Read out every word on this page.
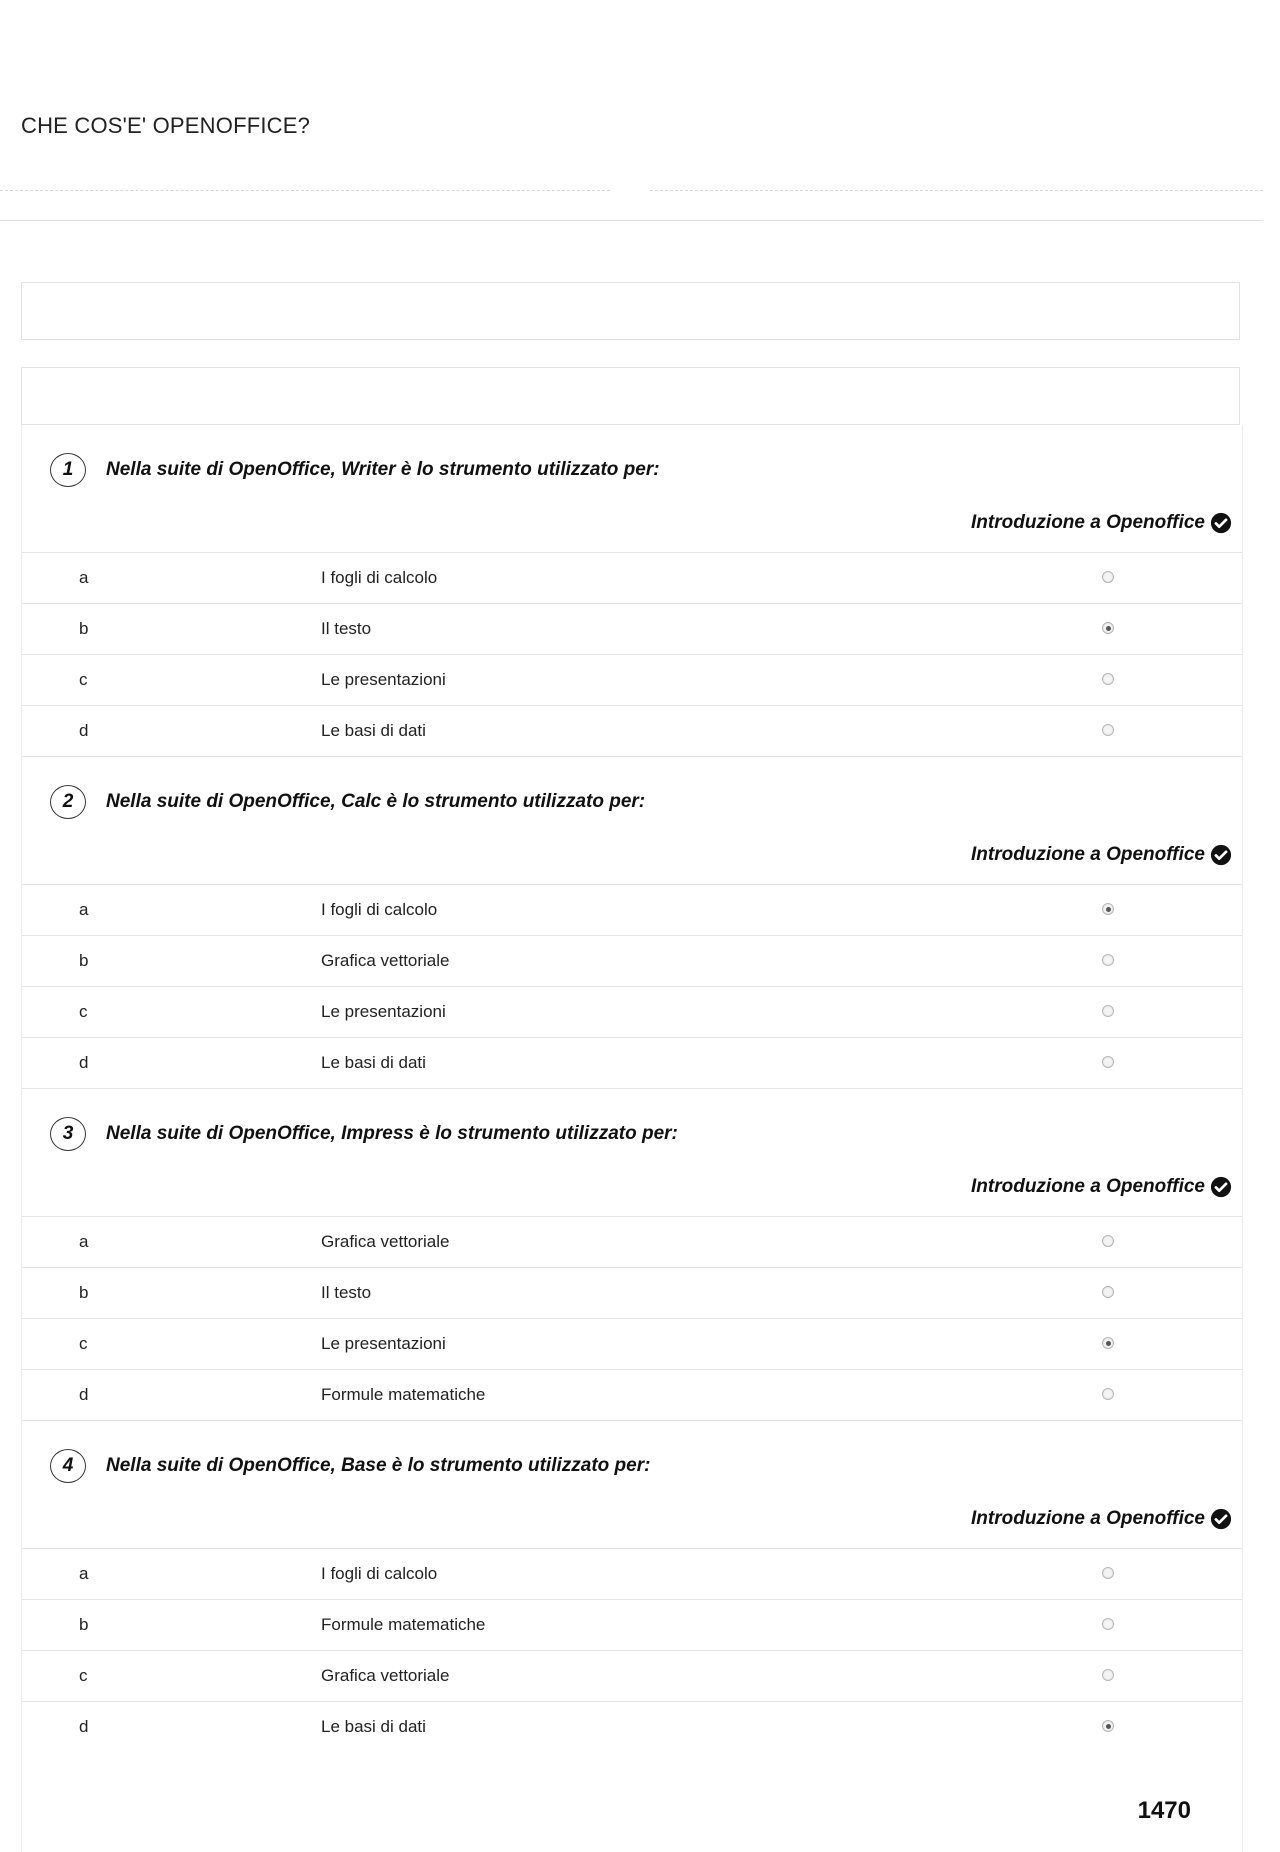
CHE COS'E' OPENOFFICE?
1	Nella suite di OpenOffice, Writer è lo strumento utilizzato per:
Introduzione a Openoffice
a	I fogli di calcolo
b	Il testo
c	Le presentazioni
d	Le basi di dati
2	Nella suite di OpenOffice, Calc è lo strumento utilizzato per:
Introduzione a Openoffice
a	I fogli di calcolo
b	Grafica vettoriale
c	Le presentazioni
d	Le basi di dati
3	Nella suite di OpenOffice, Impress è lo strumento utilizzato per:
Introduzione a Openoffice
a	Grafica vettoriale
b	Il testo
c	Le presentazioni
d	Formule matematiche
4	Nella suite di OpenOffice, Base è lo strumento utilizzato per:
Introduzione a Openoffice
a	I fogli di calcolo
b	Formule matematiche
c	Grafica vettoriale
d	Le basi di dati
1470
